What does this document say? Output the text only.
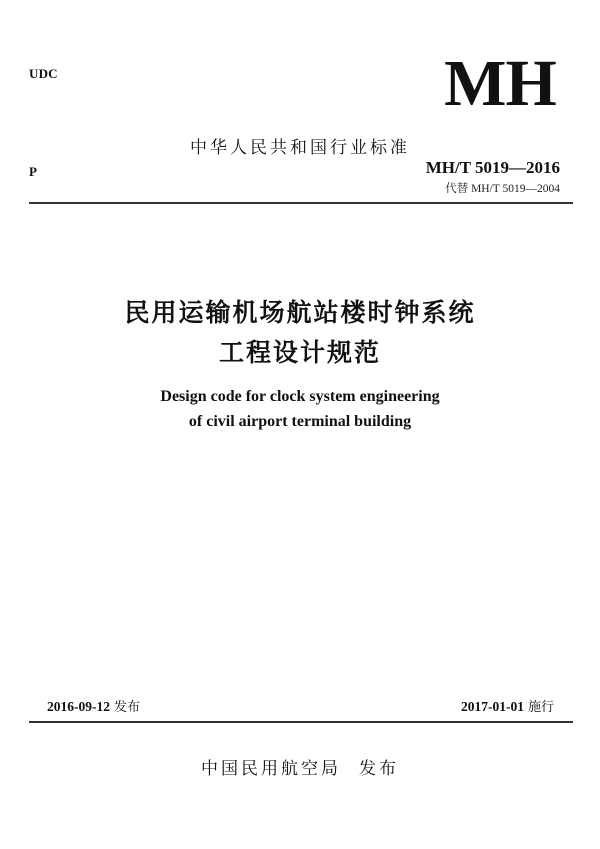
UDC	MH
中华人民共和国行业标准
P	MH/T 5019—2016
代替 MH/T 5019—2004
民用运输机场航站楼时钟系统
工程设计规范
Design code for clock system engineering
of civil airport terminal building
2016-09-12 发布	2017-01-01 施行
中国民用航空局 发布
